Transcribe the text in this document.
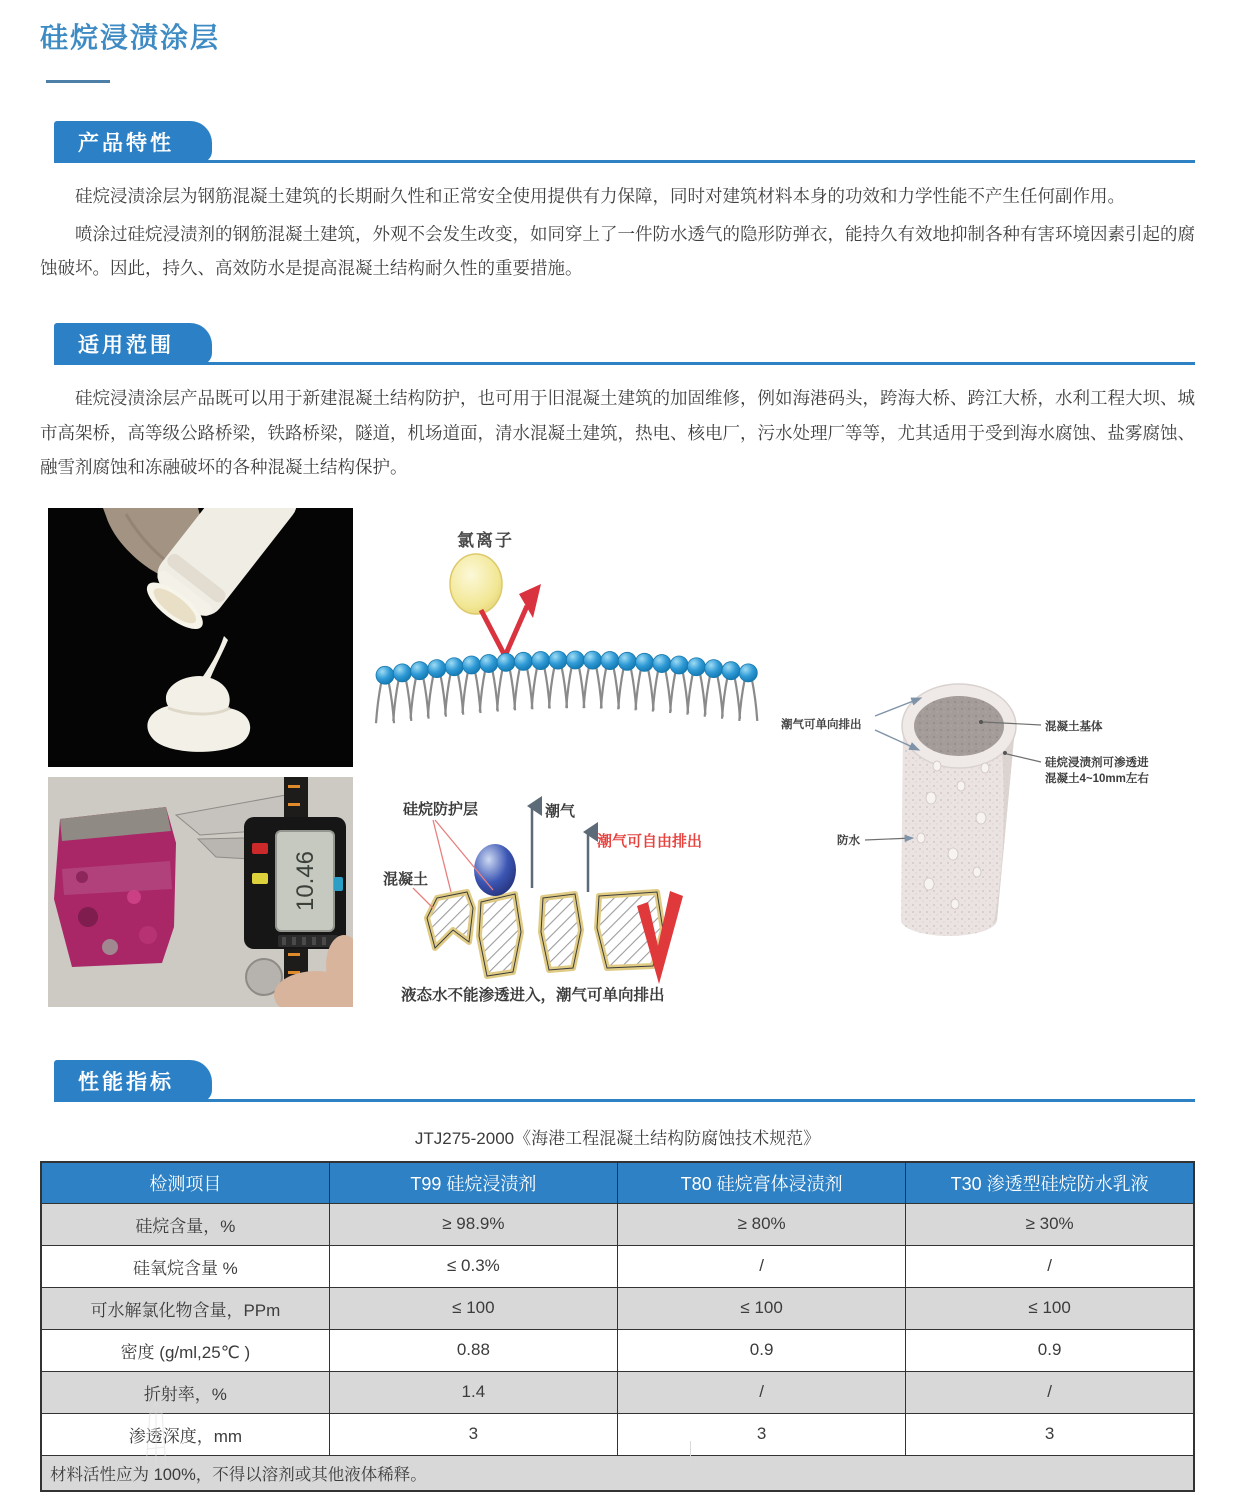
硅烷浸渍涂层
产品特性

硅烷浸渍涂层为钢筋混凝土建筑的长期耐久性和正常安全使用提供有力保障，同时对建筑材料本身的功效和力学性能不产生任何副作用。

喷涂过硅烷浸渍剂的钢筋混凝土建筑，外观不会发生改变，如同穿上了一件防水透气的隐形防弹衣，能持久有效地抑制各种有害环境因素引起的腐蚀破坏。因此，持久、高效防水是提高混凝土结构耐久性的重要措施。

适用范围

硅烷浸渍涂层产品既可以用于新建混凝土结构防护，也可用于旧混凝土建筑的加固维修，例如海港码头，跨海大桥、跨江大桥，水利工程大坝、城市高架桥，高等级公路桥梁，铁路桥梁，隧道，机场道面，清水混凝土建筑，热电、核电厂，污水处理厂等等，尤其适用于受到海水腐蚀、盐雾腐蚀、融雪剂腐蚀和冻融破坏的各种混凝土结构保护。

10.46
氯离子
硅烷防护层	潮气
潮气可自由排出
混凝土
液态水不能渗透进入，潮气可单向排出
潮气可单向排出	混凝土基体
硅烷浸渍剂可渗透进
混凝土4~10mm左右
防水
性能指标

JTJ275-2000《海港工程混凝土结构防腐蚀技术规范》

检测项目	T99 硅烷浸渍剂	T80 硅烷膏体浸渍剂	T30 渗透型硅烷防水乳液
硅烷含量，%	≥ 98.9%	≥ 80%	≥ 30%
硅氧烷含量 %	≤ 0.3%	/	/
可水解氯化物含量，PPm	≤ 100	≤ 100	≤ 100
密度 (g/ml,25℃ )	0.88	0.9	0.9
折射率，%	1.4	/	/
渗透深度，mm	3	3	3
材料活性应为 100%，不得以溶剂或其他液体稀释。			
